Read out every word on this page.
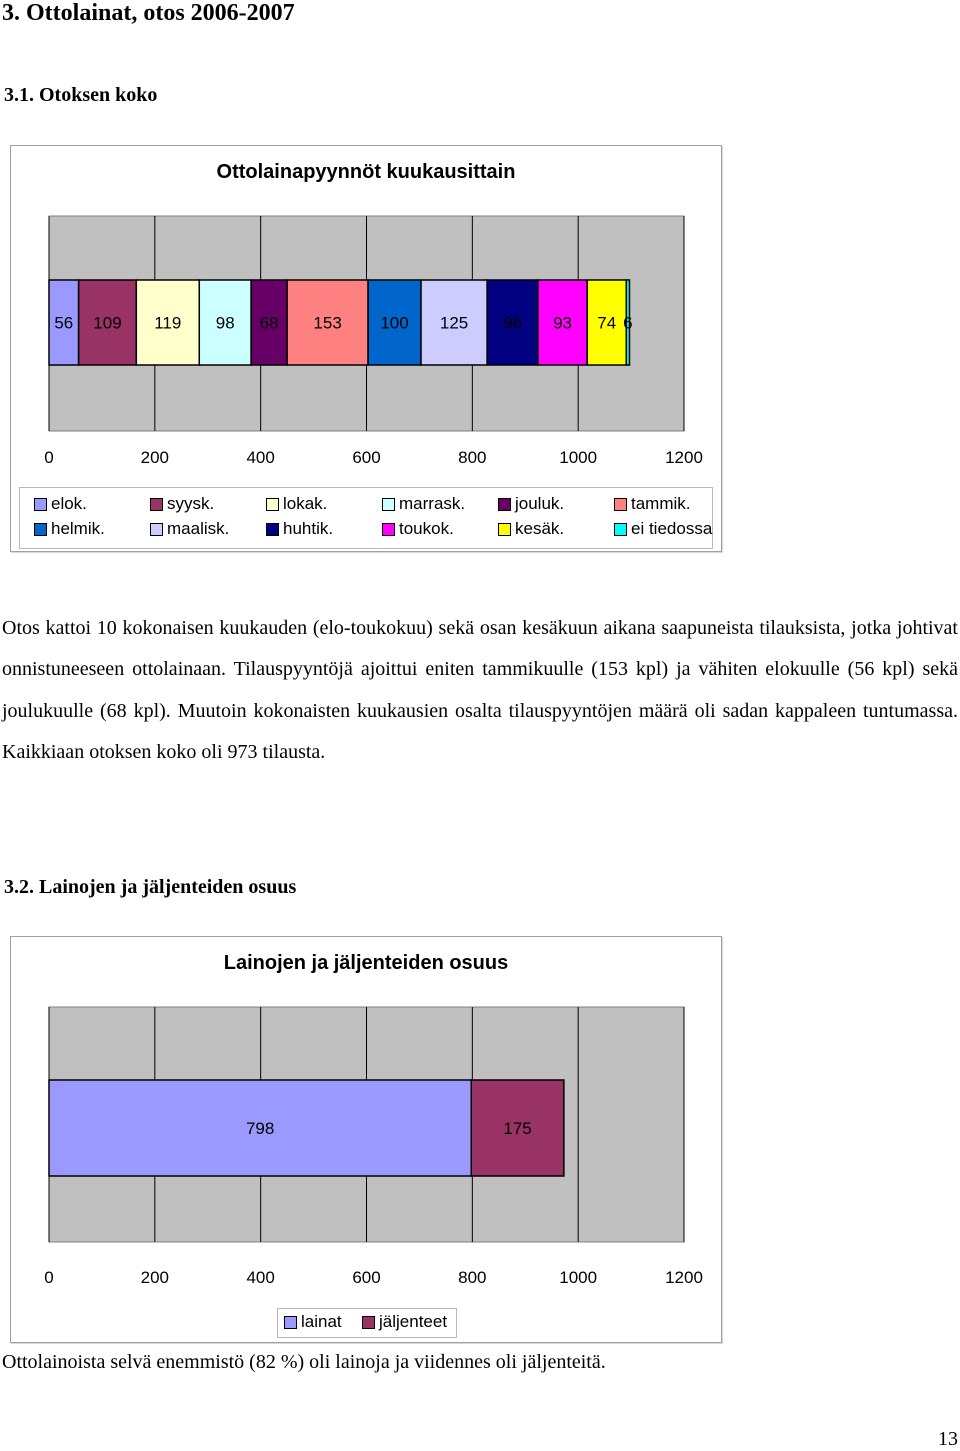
3. Ottolainat, otos 2006-2007
3.1. Otoksen koko
Ottolainapyynnöt kuukausittain
0	200	400	600	800	1000	1200
56 109 119 98 68 153 100 125 96 93 74 6
elok.	syysk.	lokak.	marrask.	jouluk.	tammik.
helmik.	maalisk.	huhtik.	toukok.	kesäk.	ei tiedossa
Otos kattoi 10 kokonaisen kuukauden (elo-toukokuu) sekä osan kesäkuun aikana saapuneista tilauksista, jotka johtivat onnistuneeseen ottolainaan. Tilauspyyntöjä ajoittui eniten tammikuulle (153 kpl) ja vähiten elokuulle (56 kpl) sekä joulukuulle (68 kpl). Muutoin kokonaisten kuukausien osalta tilauspyyntöjen määrä oli sadan kappaleen tuntumassa. Kaikkiaan otoksen koko oli 973 tilausta.
3.2. Lainojen ja jäljenteiden osuus
Lainojen ja jäljenteiden osuus
0	200	400	600	800	1000	1200
798	175
lainat jäljenteet
Ottolainoista selvä enemmistö (82 %) oli lainoja ja viidennes oli jäljenteitä.
13
